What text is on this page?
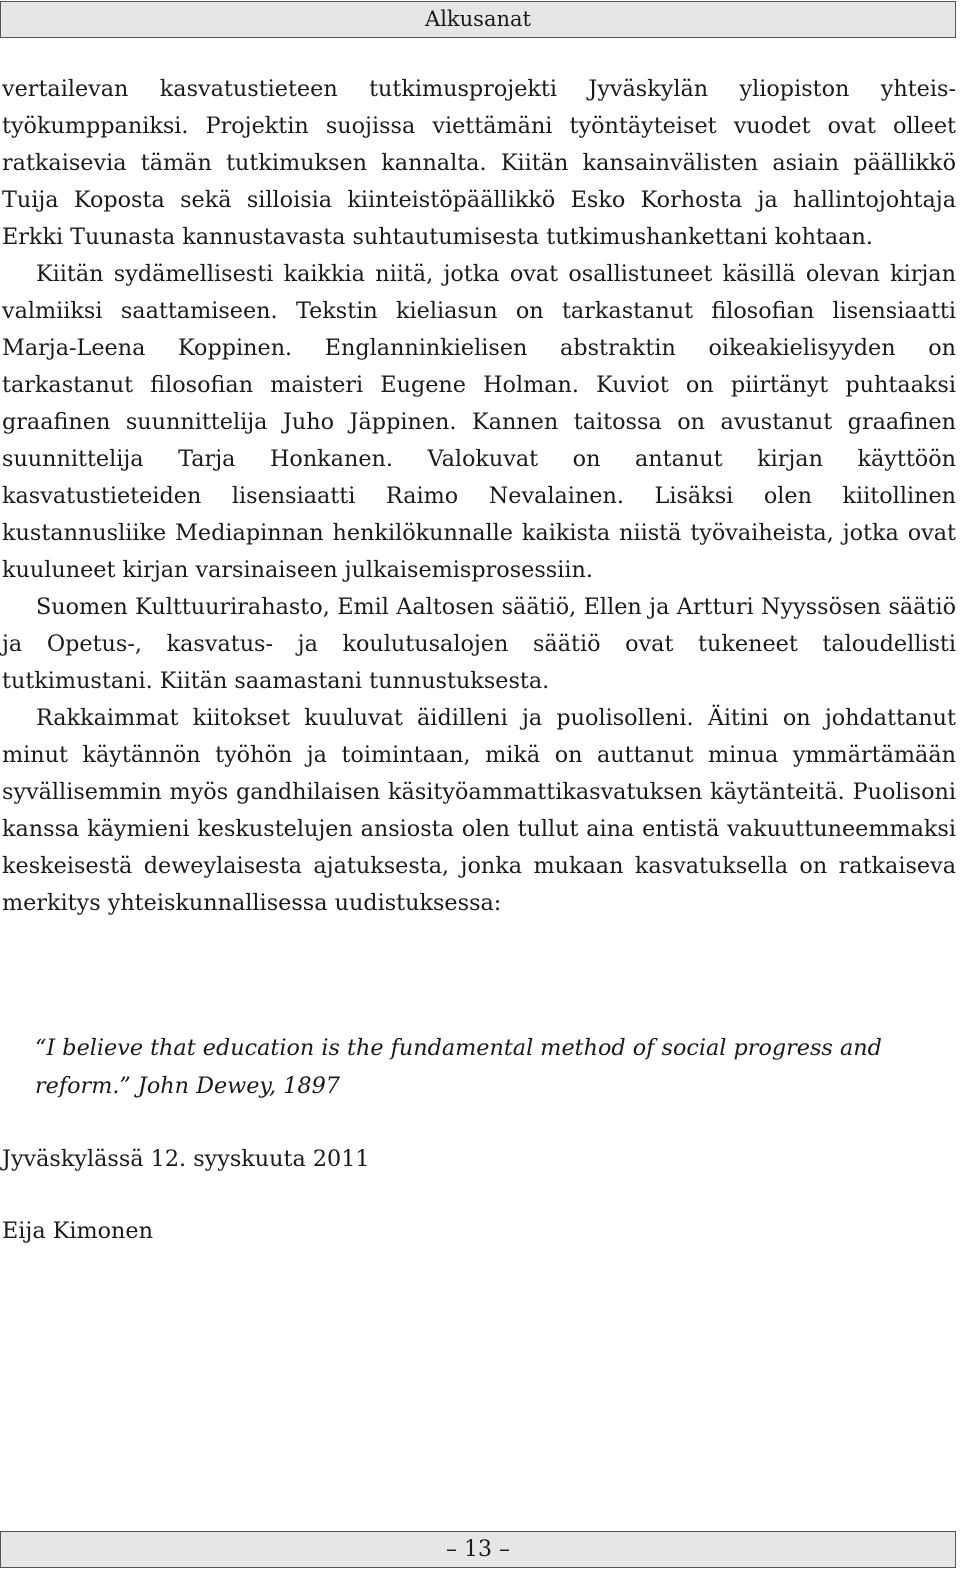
Alkusanat

vertailevan kasvatustieteen tutkimusprojekti Jyväskylän yliopiston yhteistyökumppaniksi. Projektin suojissa viettämäni työntäyteiset vuodet ovat olleet ratkaisevia tämän tutkimuksen kannalta. Kiitän kansainvälisten asiain päällikkö Tuija Koposta sekä silloisia kiinteistöpäällikkö Esko Korhosta ja hallintojohtaja Erkki Tuunasta kannustavasta suhtautumisesta tutkimushankettani kohtaan.

Kiitän sydämellisesti kaikkia niitä, jotka ovat osallistuneet käsillä olevan kirjan valmiiksi saattamiseen. Tekstin kieliasun on tarkastanut filosofian lisensiaatti Marja-Leena Koppinen. Englanninkielisen abstraktin oikeakielisyyden on tarkastanut filosofian maisteri Eugene Holman. Kuviot on piirtänyt puhtaaksi graafinen suunnittelija Juho Jäppinen. Kannen taitossa on avustanut graafinen suunnittelija Tarja Honkanen. Valokuvat on antanut kirjan käyttöön kasvatustieteiden lisensiaatti Raimo Nevalainen. Lisäksi olen kiitollinen kustannusliike Mediapinnan henkilökunnalle kaikista niistä työvaiheista, jotka ovat kuuluneet kirjan varsinaiseen julkaisemisprosessiin.

Suomen Kulttuurirahasto, Emil Aaltosen säätiö, Ellen ja Artturi Nyyssösen säätiö ja Opetus-, kasvatus- ja koulutusalojen säätiö ovat tukeneet taloudellisti tutkimustani. Kiitän saamastani tunnustuksesta.

Rakkaimmat kiitokset kuuluvat äidilleni ja puolisolleni. Äitini on johdattanut minut käytännön työhön ja toimintaan, mikä on auttanut minua ymmärtämään syvällisemmin myös gandhilaisen käsityöammattikasvatuksen käytänteitä. Puolisoni kanssa käymieni keskustelujen ansiosta olen tullut aina entistä vakuuttuneemmaksi keskeisestä deweylaisesta ajatuksesta, jonka mukaan kasvatuksella on ratkaiseva merkitys yhteiskunnallisessa uudistuksessa:

“I believe that education is the fundamental method of social progress and reform.” John Dewey, 1897
Jyväskylässä 12. syyskuuta 2011
Eija Kimonen
– 13 –
